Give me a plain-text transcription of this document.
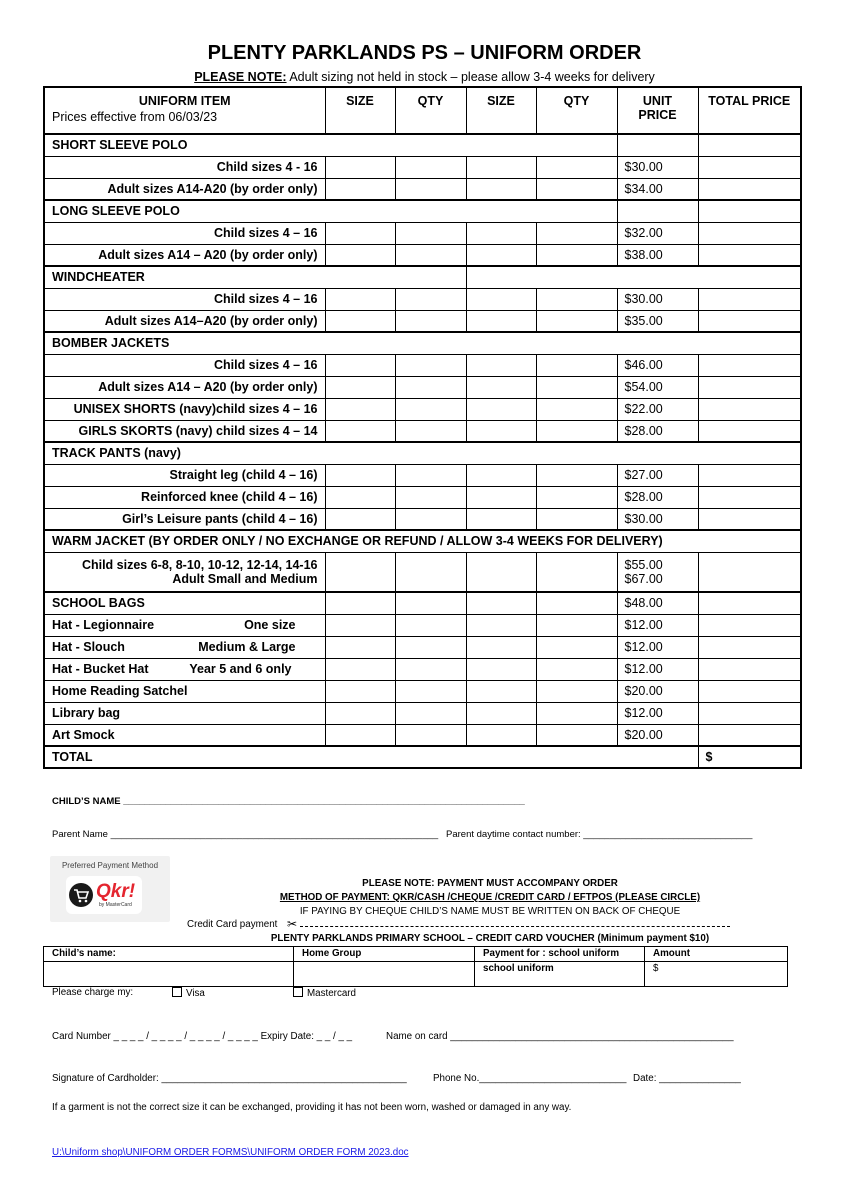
PLENTY PARKLANDS PS – UNIFORM ORDER
PLEASE NOTE: Adult sizing not held in stock – please allow 3-4 weeks for delivery
UNIFORM ITEM
Prices effective from 06/03/23	SIZE	QTY	SIZE	QTY	UNIT
PRICE	TOTAL PRICE
SHORT SLEEVE POLO						
Child sizes 4 - 16					$30.00	
Adult sizes A14-A20 (by order only)					$34.00	
LONG SLEEVE POLO						
Child sizes 4 – 16					$32.00	
Adult sizes A14 – A20 (by order only)					$38.00	
WINDCHEATER						
Child sizes 4 – 16					$30.00	
Adult sizes A14–A20 (by order only)					$35.00	
BOMBER JACKETS						
Child sizes 4 – 16					$46.00	
Adult sizes A14 – A20 (by order only)					$54.00	
UNISEX SHORTS (navy)child sizes 4 – 16					$22.00	
GIRLS SKORTS (navy) child sizes 4 – 14					$28.00	
TRACK PANTS (navy)						
Straight leg (child 4 – 16)					$27.00	
Reinforced knee (child 4 – 16)					$28.00	
Girl’s Leisure pants (child 4 – 16)					$30.00	
WARM JACKET (BY ORDER ONLY / NO EXCHANGE OR REFUND / ALLOW 3-4 WEEKS FOR DELIVERY)						
Child sizes 6-8, 8-10, 10-12, 12-14, 14-16
Adult Small and Medium					$55.00
$67.00	
SCHOOL BAGS					$48.00	

Hat - Legionnaire One size					$12.00	

Hat - Slouch Medium & Large					$12.00	

Hat - Bucket Hat Year 5 and 6 only					$12.00	
Home Reading Satchel					$20.00	
Library bag					$12.00	
Art Smock					$20.00	
TOTAL						$
CHILD’S NAME ____________________________________________________________________________
Parent Name ______________________________________________________________ Parent daytime contact number: ________________________________
Preferred Payment Method
Qkr!
by MasterCard
PLEASE NOTE: PAYMENT MUST ACCOMPANY ORDER
METHOD OF PAYMENT: QKR/CASH /CHEQUE /CREDIT CARD / EFTPOS (PLEASE CIRCLE)
IF PAYING BY CHEQUE CHILD’S NAME MUST BE WRITTEN ON BACK OF CHEQUE
Credit Card payment ✂
PLENTY PARKLANDS PRIMARY SCHOOL – CREDIT CARD VOUCHER (Minimum payment $10)
Child’s name:	Home Group	Payment for : school uniform	Amount
		school uniform	$
Please charge my:	Visa	Mastercard
Card Number _ _ _ _ / _ _ _ _ / _ _ _ _ / _ _ _ _ Expiry Date: _ _ / _ _	Name on card ____________________________________________________
Signature of Cardholder: _____________________________________________	Phone No.___________________________ Date: _______________
If a garment is not the correct size it can be exchanged, providing it has not been worn, washed or damaged in any way.
U:\Uniform shop\UNIFORM ORDER FORMS\UNIFORM ORDER FORM 2023.doc
